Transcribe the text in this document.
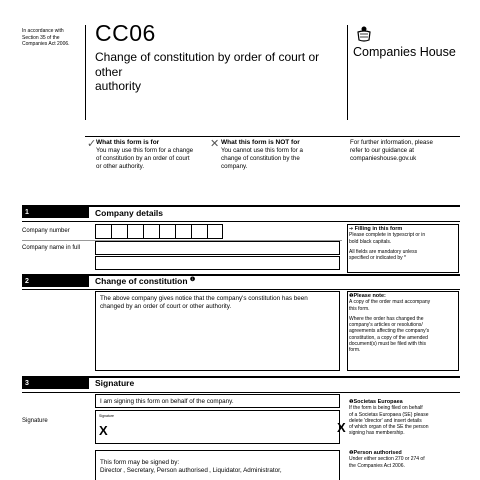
In accordance with
Section 35 of the
Companies Act 2006.	CC06
Change of constitution by order of court or other
authority
Companies House
✓ What this form is for
You may use this form for a change
of constitution by an order of court
or other authority.
✕ What this form is NOT for
You cannot use this form for a
change of constitution by the
company.
For further information, please
refer to our guidance at
companieshouse.gov.uk
1	Company details
Company number
Company name in full
➔ Filling in this form
Please complete in typescript or in
bold black capitals.
All fields are mandatory unless
specified or indicated by *
2	Change of constitution $^❶$
The above company gives notice that the company's constitution has been
changed by an order of court or other authority.
❶Please note:
A copy of the order must accompany
this form.
Where the order has changed the
company's articles or resolutions/
agreements affecting the company's
constitution, a copy of the amended
document(s) must be filed with this
form.
3	Signature
I am signing this form on behalf of the company.
Signature
Signature
X	X
This form may be signed by:
Director , Secretary, Person authorised , Liquidator, Administrator,
❶Societas Europaea
If the form is being filed on behalf
of a Societas Europaea (SE) please
delete 'director' and insert details
of which organ of the SE the person
signing has membership.
❷Person authorised
Under either section 270 or 274 of
the Companies Act 2006.
